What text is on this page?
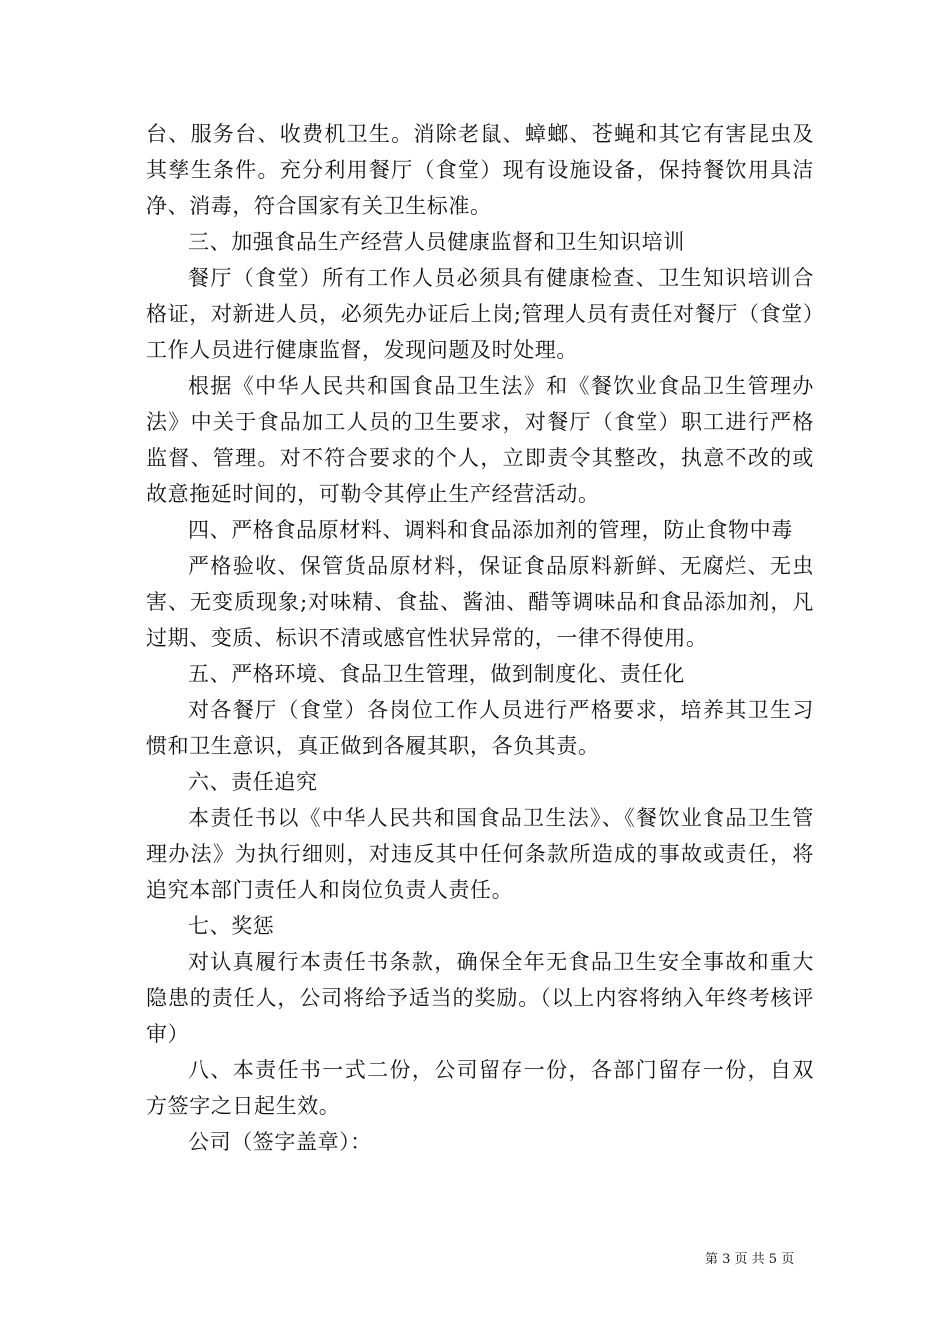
台、服务台、收费机卫生。消除老鼠、蟑螂、苍蝇和其它有害昆虫及其孳生条件。充分利用餐厅（食堂）现有设施设备，保持餐饮用具洁净、消毒，符合国家有关卫生标准。

三、加强食品生产经营人员健康监督和卫生知识培训

餐厅（食堂）所有工作人员必须具有健康检查、卫生知识培训合格证，对新进人员，必须先办证后上岗;管理人员有责任对餐厅（食堂）工作人员进行健康监督，发现问题及时处理。

根据《中华人民共和国食品卫生法》和《餐饮业食品卫生管理办法》中关于食品加工人员的卫生要求，对餐厅（食堂）职工进行严格监督、管理。对不符合要求的个人，立即责令其整改，执意不改的或故意拖延时间的，可勒令其停止生产经营活动。

四、严格食品原材料、调料和食品添加剂的管理，防止食物中毒

严格验收、保管货品原材料，保证食品原料新鲜、无腐烂、无虫害、无变质现象;对味精、食盐、酱油、醋等调味品和食品添加剂，凡过期、变质、标识不清或感官性状异常的，一律不得使用。

五、严格环境、食品卫生管理，做到制度化、责任化

对各餐厅（食堂）各岗位工作人员进行严格要求，培养其卫生习惯和卫生意识，真正做到各履其职，各负其责。

六、责任追究

本责任书以《中华人民共和国食品卫生法》、《餐饮业食品卫生管理办法》为执行细则，对违反其中任何条款所造成的事故或责任，将追究本部门责任人和岗位负责人责任。

七、奖惩

对认真履行本责任书条款，确保全年无食品卫生安全事故和重大隐患的责任人，公司将给予适当的奖励。（以上内容将纳入年终考核评审）

八、本责任书一式二份，公司留存一份，各部门留存一份，自双方签字之日起生效。

公司（签字盖章）：

第 3 页 共 5 页
